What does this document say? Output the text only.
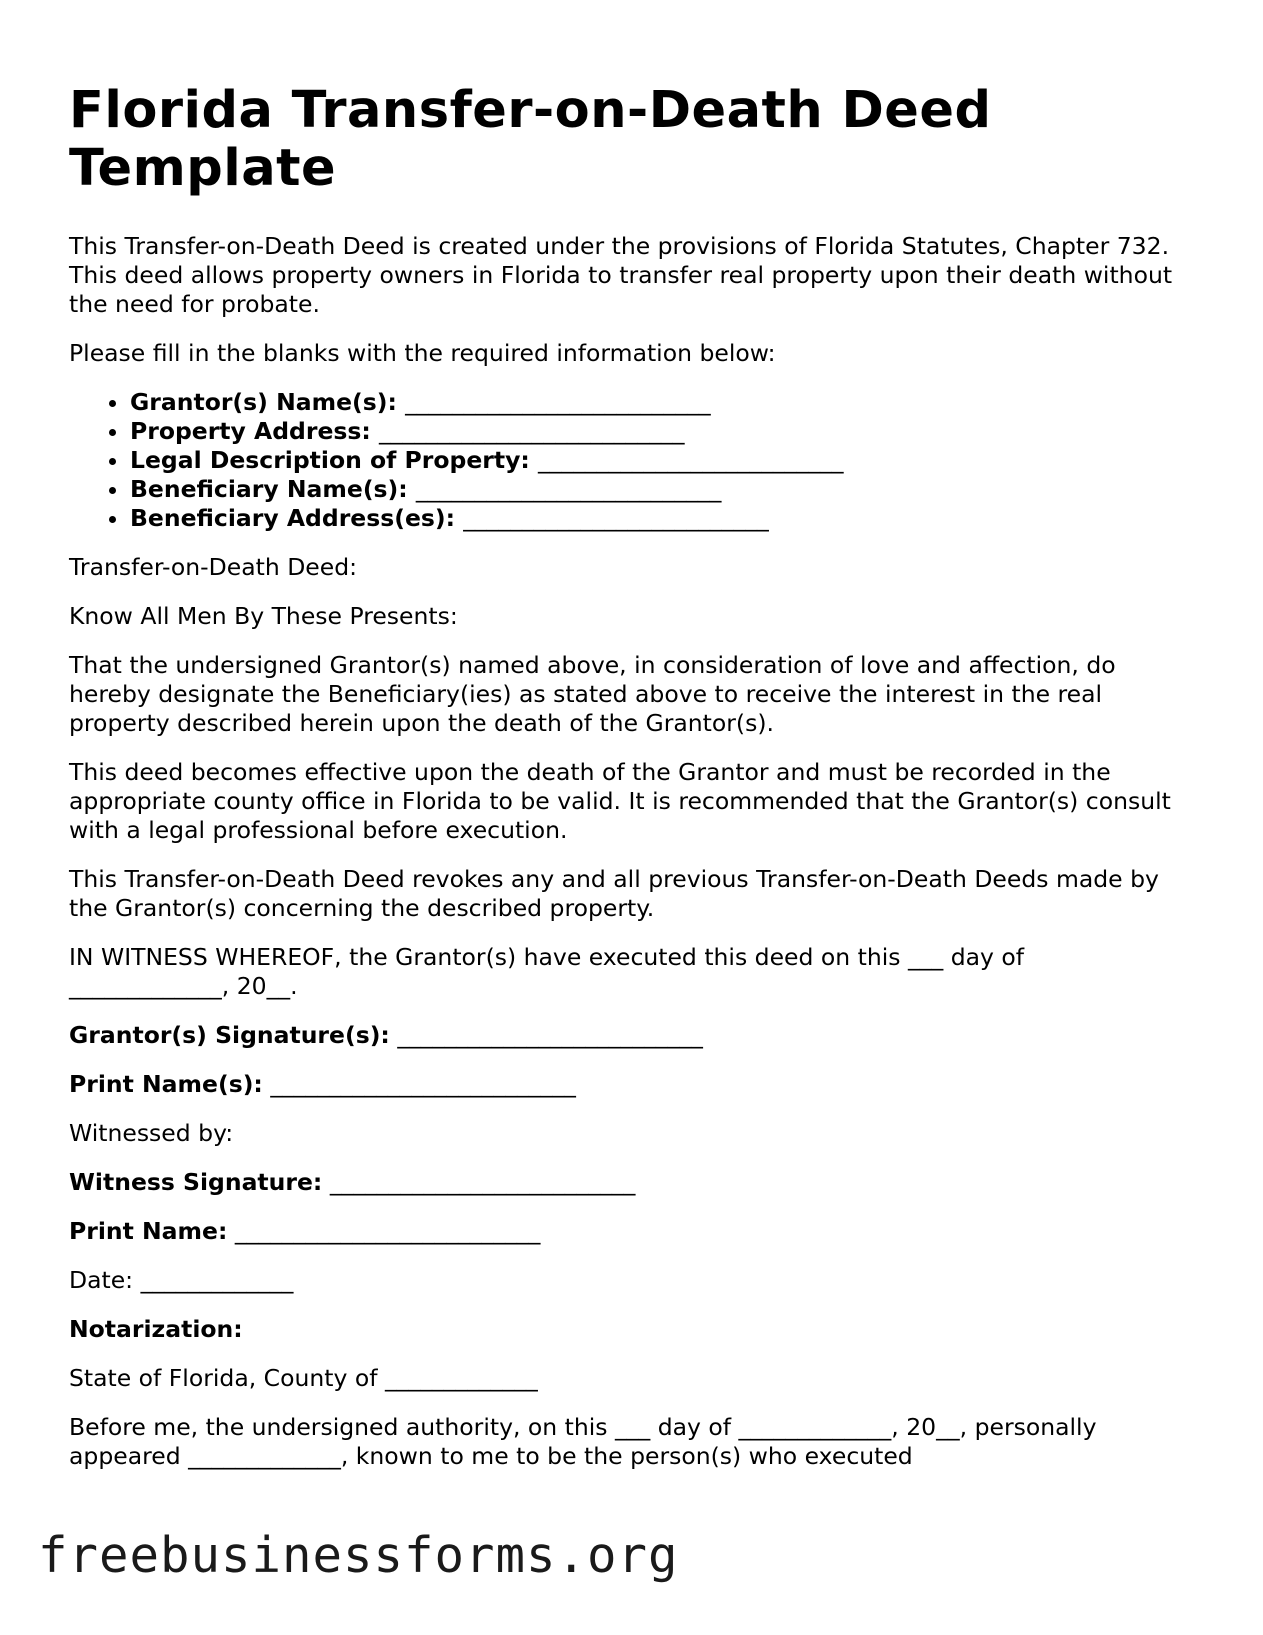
Florida Transfer-on-Death Deed Template

This Transfer-on-Death Deed is created under the provisions of Florida Statutes, Chapter 732. This deed allows property owners in Florida to transfer real property upon their death without the need for probate.

Please fill in the blanks with the required information below:

• Grantor(s) Name(s): __________________________
• Property Address: __________________________
• Legal Description of Property: __________________________
• Beneficiary Name(s): __________________________
• Beneficiary Address(es): __________________________

Transfer-on-Death Deed:

Know All Men By These Presents:

That the undersigned Grantor(s) named above, in consideration of love and affection, do hereby designate the Beneficiary(ies) as stated above to receive the interest in the real property described herein upon the death of the Grantor(s).

This deed becomes effective upon the death of the Grantor and must be recorded in the appropriate county office in Florida to be valid. It is recommended that the Grantor(s) consult with a legal professional before execution.

This Transfer-on-Death Deed revokes any and all previous Transfer-on-Death Deeds made by the Grantor(s) concerning the described property.

IN WITNESS WHEREOF, the Grantor(s) have executed this deed on this ___ day of
_____________, 20__.

Grantor(s) Signature(s): __________________________

Print Name(s): __________________________

Witnessed by:

Witness Signature: __________________________

Print Name: __________________________

Date: _____________

Notarization:

State of Florida, County of _____________

Before me, the undersigned authority, on this ___ day of _____________, 20__, personally
appeared _____________, known to me to be the person(s) who executed

freebusinessforms.org
